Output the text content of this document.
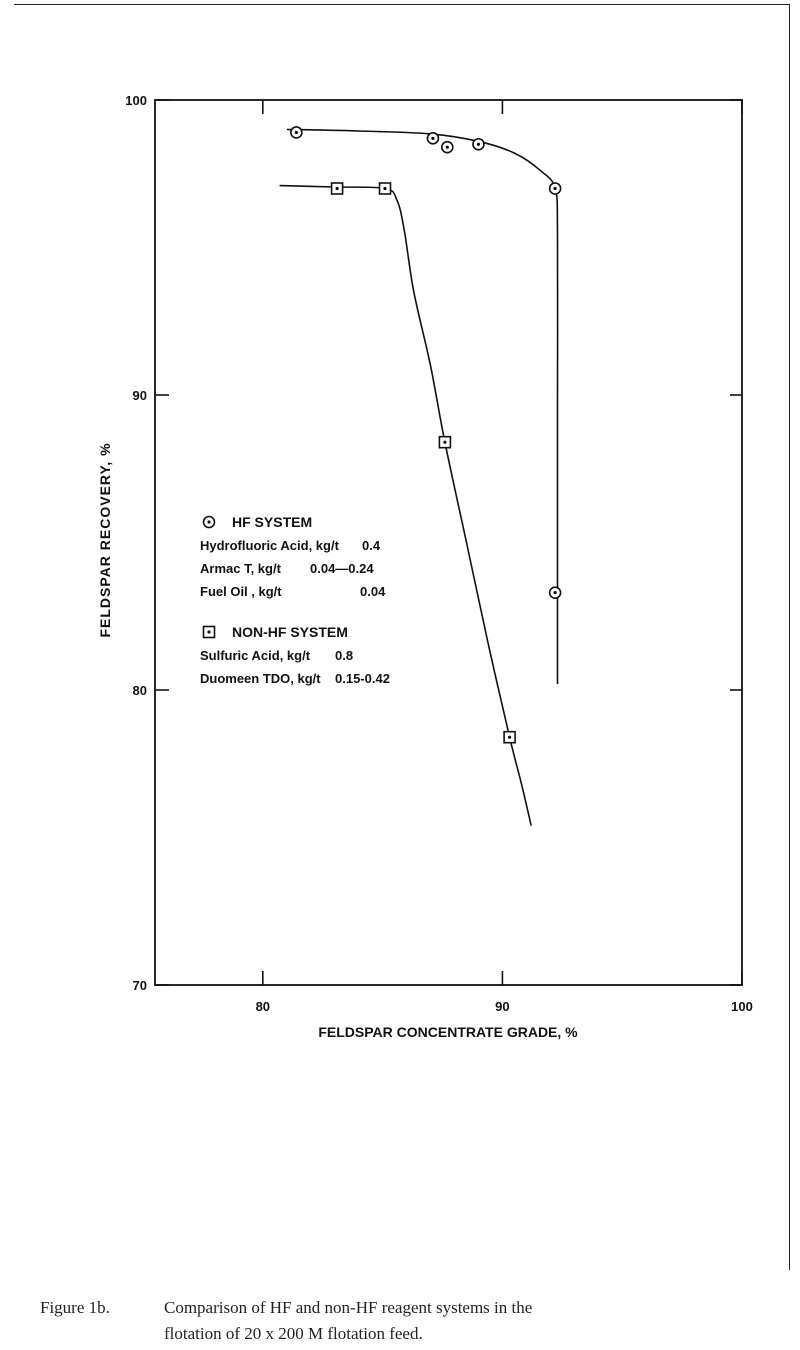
80	90	100
70
80
90
100
HF SYSTEM
Hydrofluoric Acid, kg/t 0.4
Armac T, kg/t 0.04—0.24
Fuel Oil , kg/t	0.04
NON-HF SYSTEM
Sulfuric Acid, kg/t 0.8
Duomeen TDO, kg/t 0.15-0.42
FELDSPAR CONCENTRATE GRADE, %
FELDSPAR RECOVERY, %
Figure 1b.	Comparison of HF and non-HF reagent systems in the
flotation of 20 x 200 M flotation feed.
